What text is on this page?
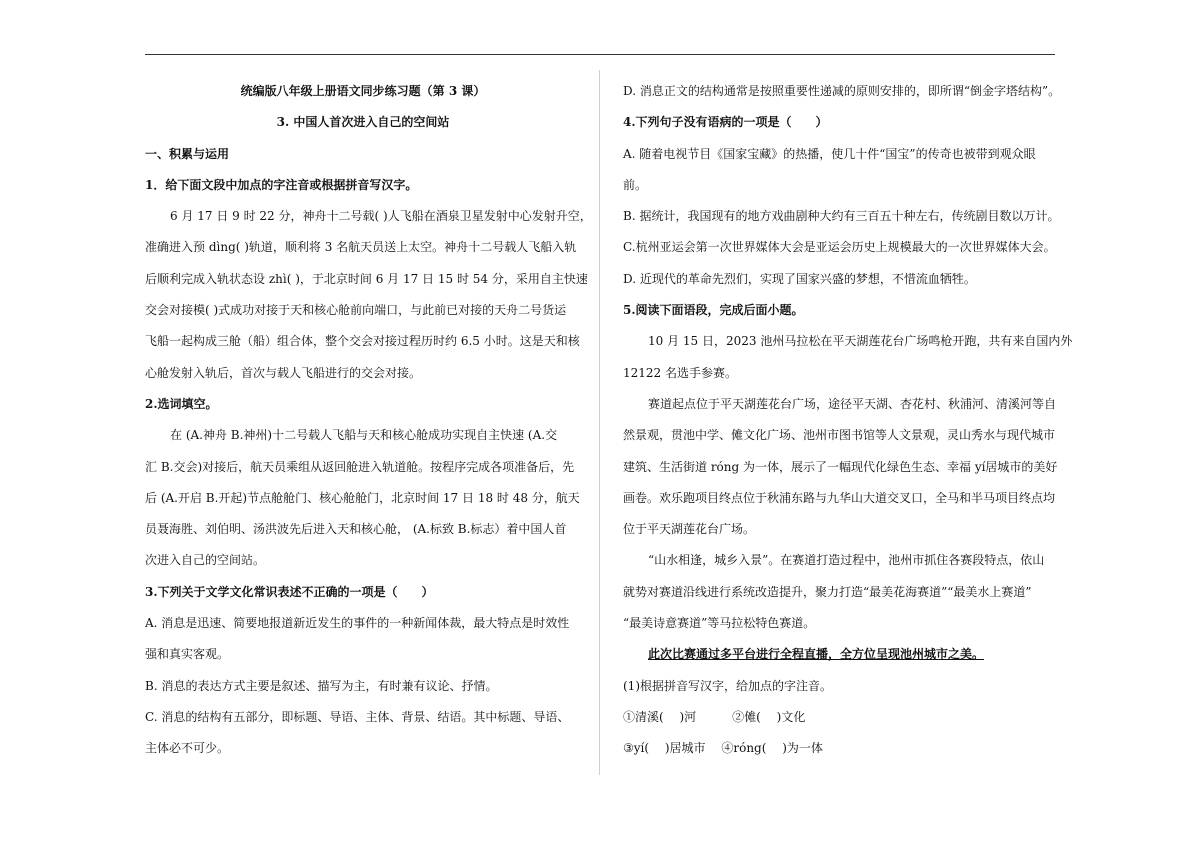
统编版八年级上册语文同步练习题（第 3 课）

3. 中国人首次进入自己的空间站

一、积累与运用

1．给下面文段中加点的字注音或根据拼音写汉字。

6 月 17 日 9 时 22 分，神舟十二号载( )人飞船在酒泉卫星发射中心发射升空，

准确进入预 dìng( )轨道，顺利将 3 名航天员送上太空。神舟十二号载人飞船入轨

后顺利完成入轨状态设 zhì( )，于北京时间 6 月 17 日 15 时 54 分，采用自主快速

交会对接模( )式成功对接于天和核心舱前向端口，与此前已对接的天舟二号货运

飞船一起构成三舱（船）组合体，整个交会对接过程历时约 6.5 小时。这是天和核

心舱发射入轨后，首次与载人飞船进行的交会对接。

2.选词填空。

在 (A.神舟 B.神州)十二号载人飞船与天和核心舱成功实现自主快速 (A.交

汇 B.交会)对接后，航天员乘组从返回舱进入轨道舱。按程序完成各项准备后，先

后 (A.开启 B.开起)节点舱舱门、核心舱舱门，北京时间 17 日 18 时 48 分，航天

员聂海胜、刘伯明、汤洪波先后进入天和核心舱， (A.标致 B.标志）着中国人首

次进入自己的空间站。

3.下列关于文学文化常识表述不正确的一项是（　　）

A. 消息是迅速、简要地报道新近发生的事件的一种新闻体裁，最大特点是时效性

强和真实客观。

B. 消息的表达方式主要是叙述、描写为主，有时兼有议论、抒情。

C. 消息的结构有五部分，即标题、导语、主体、背景、结语。其中标题、导语、

主体必不可少。

D. 消息正文的结构通常是按照重要性递减的原则安排的，即所谓“倒金字塔结构”。

4.下列句子没有语病的一项是（　　）

A. 随着电视节目《国家宝藏》的热播，使几十件“国宝”的传奇也被带到观众眼

前。

B. 据统计，我国现有的地方戏曲剧种大约有三百五十种左右，传统剧目数以万计。

C.杭州亚运会第一次世界媒体大会是亚运会历史上规模最大的一次世界媒体大会。

D. 近现代的革命先烈们，实现了国家兴盛的梦想，不惜流血牺牲。

5.阅读下面语段，完成后面小题。

10 月 15 日，2023 池州马拉松在平天湖莲花台广场鸣枪开跑，共有来自国内外

12122 名选手参赛。

赛道起点位于平天湖莲花台广场，途径平天湖、杏花村、秋浦河、清溪河等自

然景观，贯池中学、傩文化广场、池州市图书馆等人文景观，灵山秀水与现代城市

建筑、生活街道 róng 为一体，展示了一幅现代化绿色生态、幸福 yí居城市的美好

画卷。欢乐跑项目终点位于秋浦东路与九华山大道交叉口，全马和半马项目终点均

位于平天湖莲花台广场。

“山水相逢，城乡入景”。在赛道打造过程中，池州市抓住各赛段特点，依山

就势对赛道沿线进行系统改造提升，聚力打造“最美花海赛道”“最美水上赛道”

“最美诗意赛道”等马拉松特色赛道。

此次比赛通过多平台进行全程直播，全方位呈现池州城市之美。

(1)根据拼音写汉字，给加点的字注音。

①清溪(　 )河　　　②傩(　 )文化

③yí(　 )居城市　 ④róng(　 )为一体
